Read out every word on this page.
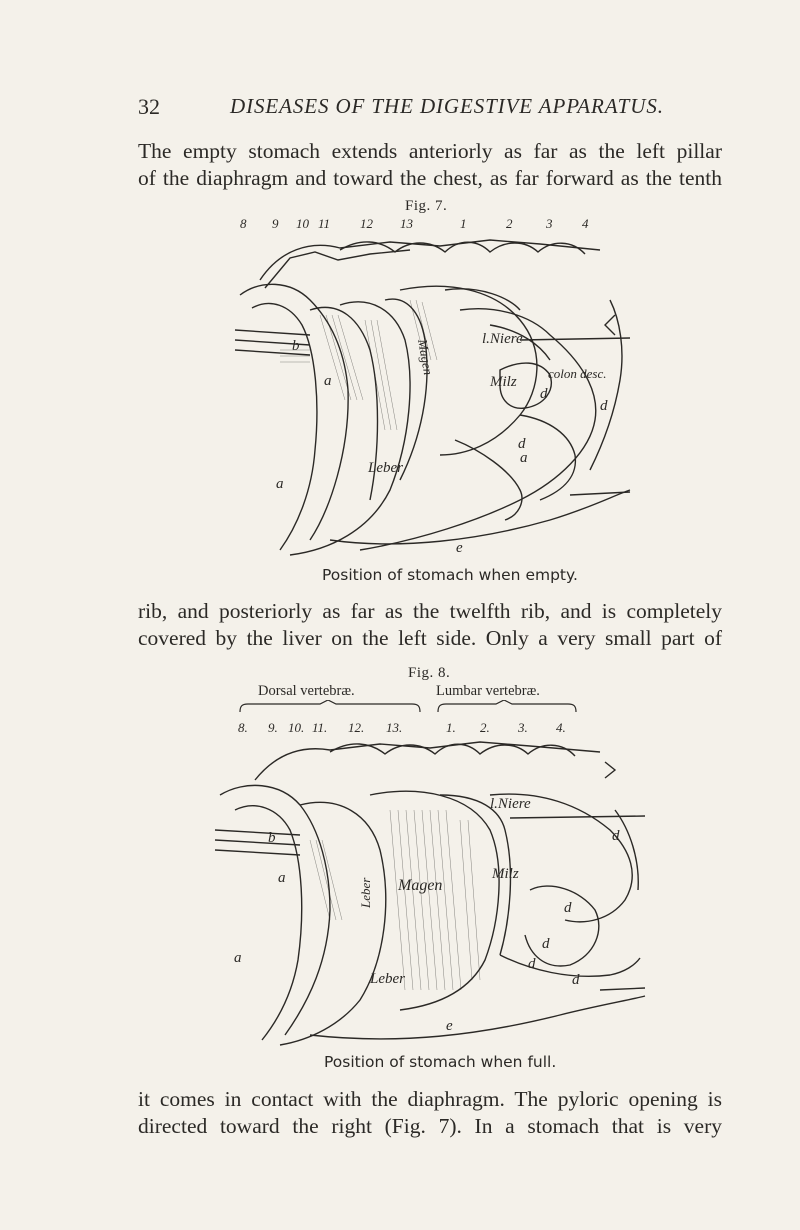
32	DISEASES OF THE DIGESTIVE APPARATUS.
The empty stomach extends anteriorly as far as the left pillar
of the diaphragm and toward the chest, as far forward as the tenth
Fig. 7.
8 9 10 11 12 13	1	2	3 4
b
a
a
Magen
Leber
l.Niere
colon desc.
Milz
d
d
d
a
e
Position of stomach when empty.
rib, and posteriorly as far as the twelfth rib, and is completely
covered by the liver on the left side. Only a very small part of
Fig. 8.
Dorsal vertebræ.	Lumbar vertebræ.
8. 9. 10. 11. 12. 13.	1. 2. 3. 4.
b
a
a
Magen
Leber
Leber
l.Niere
Milz
d
d
d
d
d
e
Position of stomach when full.
it comes in contact with the diaphragm. The pyloric opening is
directed toward the right (Fig. 7). In a stomach that is very
